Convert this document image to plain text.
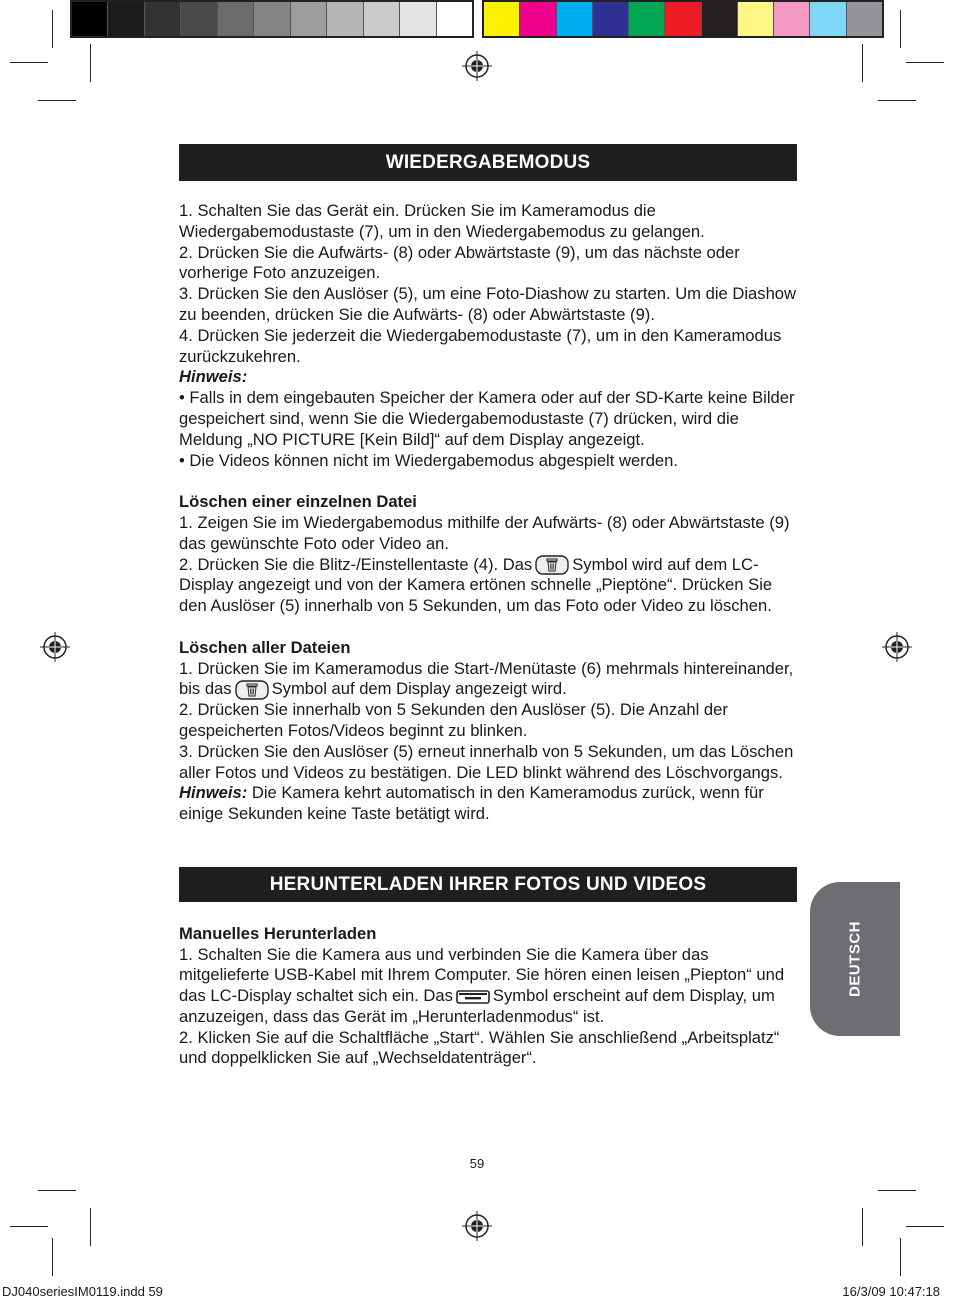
WIEDERGABEMODUS

1. Schalten Sie das Gerät ein. Drücken Sie im Kameramodus die Wiedergabemodustaste (7), um in den Wiedergabemodus zu gelangen.

2. Drücken Sie die Aufwärts- (8) oder Abwärtstaste (9), um das nächste oder vorherige Foto anzuzeigen.

3. Drücken Sie den Auslöser (5), um eine Foto-Diashow zu starten. Um die Diashow zu beenden, drücken Sie die Aufwärts- (8) oder Abwärtstaste (9).

4. Drücken Sie jederzeit die Wiedergabemodustaste (7), um in den Kameramodus zurückzukehren.

Hinweis:

• Falls in dem eingebauten Speicher der Kamera oder auf der SD-Karte keine Bilder gespeichert sind, wenn Sie die Wiedergabemodustaste (7) drücken, wird die Meldung „NO PICTURE [Kein Bild]“ auf dem Display angezeigt.

• Die Videos können nicht im Wiedergabemodus abgespielt werden.

Löschen einer einzelnen Datei

1. Zeigen Sie im Wiedergabemodus mithilfe der Aufwärts- (8) oder Abwärtstaste (9) das gewünschte Foto oder Video an.

2. Drücken Sie die Blitz-/Einstellentaste (4). Das Symbol wird auf dem LC-Display angezeigt und von der Kamera ertönen schnelle „Pieptöne“. Drücken Sie den Auslöser (5) innerhalb von 5 Sekunden, um das Foto oder Video zu löschen.

Löschen aller Dateien

1. Drücken Sie im Kameramodus die Start-/Menütaste (6) mehrmals hintereinander, bis das Symbol auf dem Display angezeigt wird.

2. Drücken Sie innerhalb von 5 Sekunden den Auslöser (5). Die Anzahl der gespeicherten Fotos/Videos beginnt zu blinken.

3. Drücken Sie den Auslöser (5) erneut innerhalb von 5 Sekunden, um das Löschen aller Fotos und Videos zu bestätigen. Die LED blinkt während des Löschvorgangs.

Hinweis: Die Kamera kehrt automatisch in den Kameramodus zurück, wenn für einige Sekunden keine Taste betätigt wird.

HERUNTERLADEN IHRER FOTOS UND VIDEOS

Manuelles Herunterladen

1. Schalten Sie die Kamera aus und verbinden Sie die Kamera über das mitgelieferte USB-Kabel mit Ihrem Computer. Sie hören einen leisen „Piepton“ und das LC-Display schaltet sich ein. Das Symbol erscheint auf dem Display, um anzuzeigen, dass das Gerät im „Herunterladenmodus“ ist.

2. Klicken Sie auf die Schaltfläche „Start“. Wählen Sie anschließend „Arbeitsplatz“ und doppelklicken Sie auf „Wechseldatenträger“.

DEUTSCH
59
DJ040seriesIM0119.indd 59	16/3/09 10:47:18
